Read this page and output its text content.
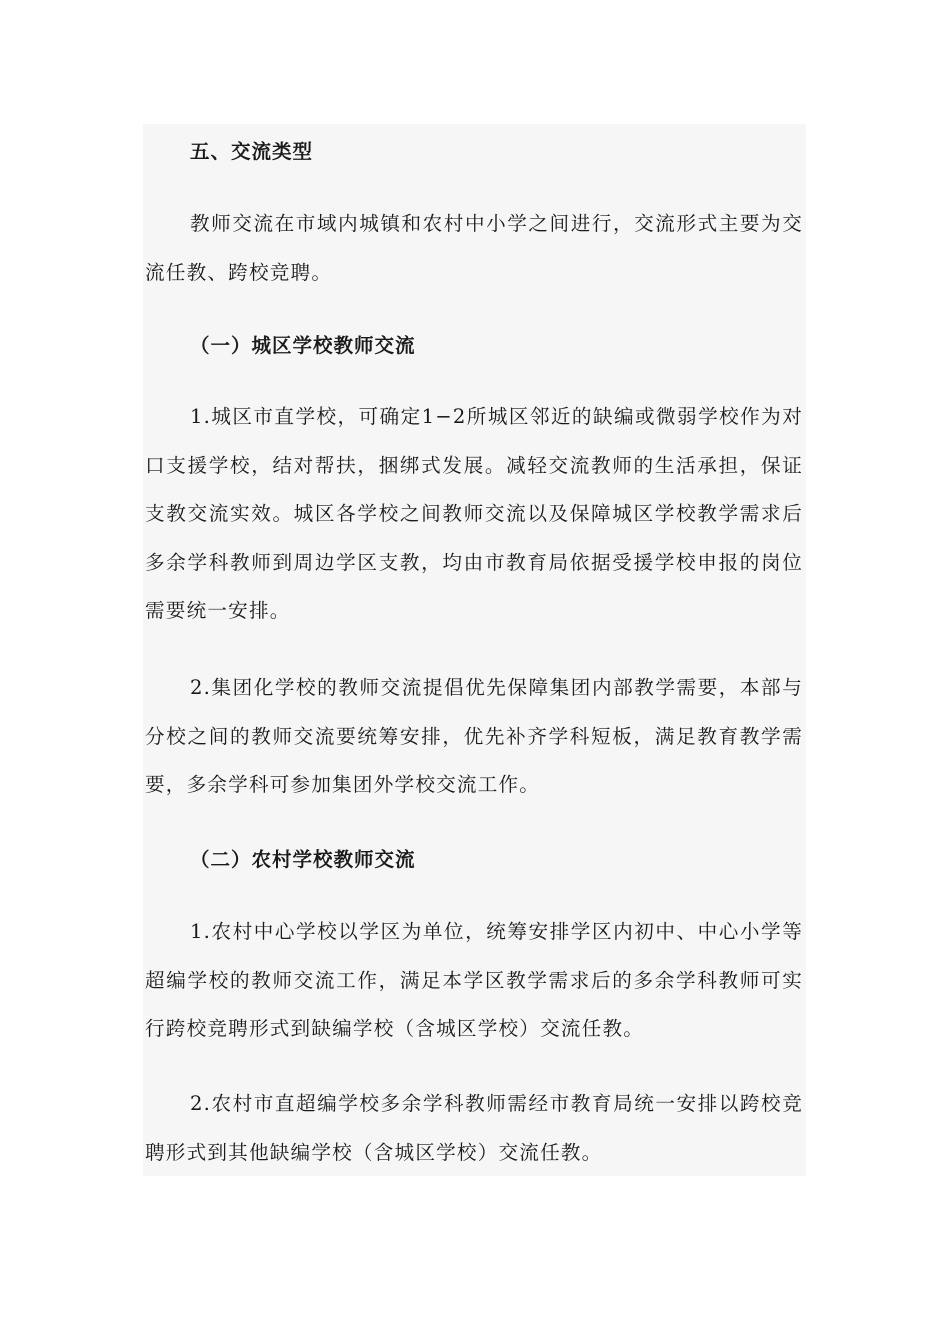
五、交流类型

教师交流在市域内城镇和农村中小学之间进行，交流形式主要为交流任教、跨校竞聘。

（一）城区学校教师交流

1.城区市直学校，可确定1−2所城区邻近的缺编或微弱学校作为对口支援学校，结对帮扶，捆绑式发展。减轻交流教师的生活承担，保证支教交流实效。城区各学校之间教师交流以及保障城区学校教学需求后多余学科教师到周边学区支教，均由市教育局依据受援学校申报的岗位需要统一安排。

2.集团化学校的教师交流提倡优先保障集团内部教学需要，本部与分校之间的教师交流要统筹安排，优先补齐学科短板，满足教育教学需要，多余学科可参加集团外学校交流工作。

（二）农村学校教师交流

1.农村中心学校以学区为单位，统筹安排学区内初中、中心小学等超编学校的教师交流工作，满足本学区教学需求后的多余学科教师可实行跨校竞聘形式到缺编学校（含城区学校）交流任教。

2.农村市直超编学校多余学科教师需经市教育局统一安排以跨校竞聘形式到其他缺编学校（含城区学校）交流任教。
